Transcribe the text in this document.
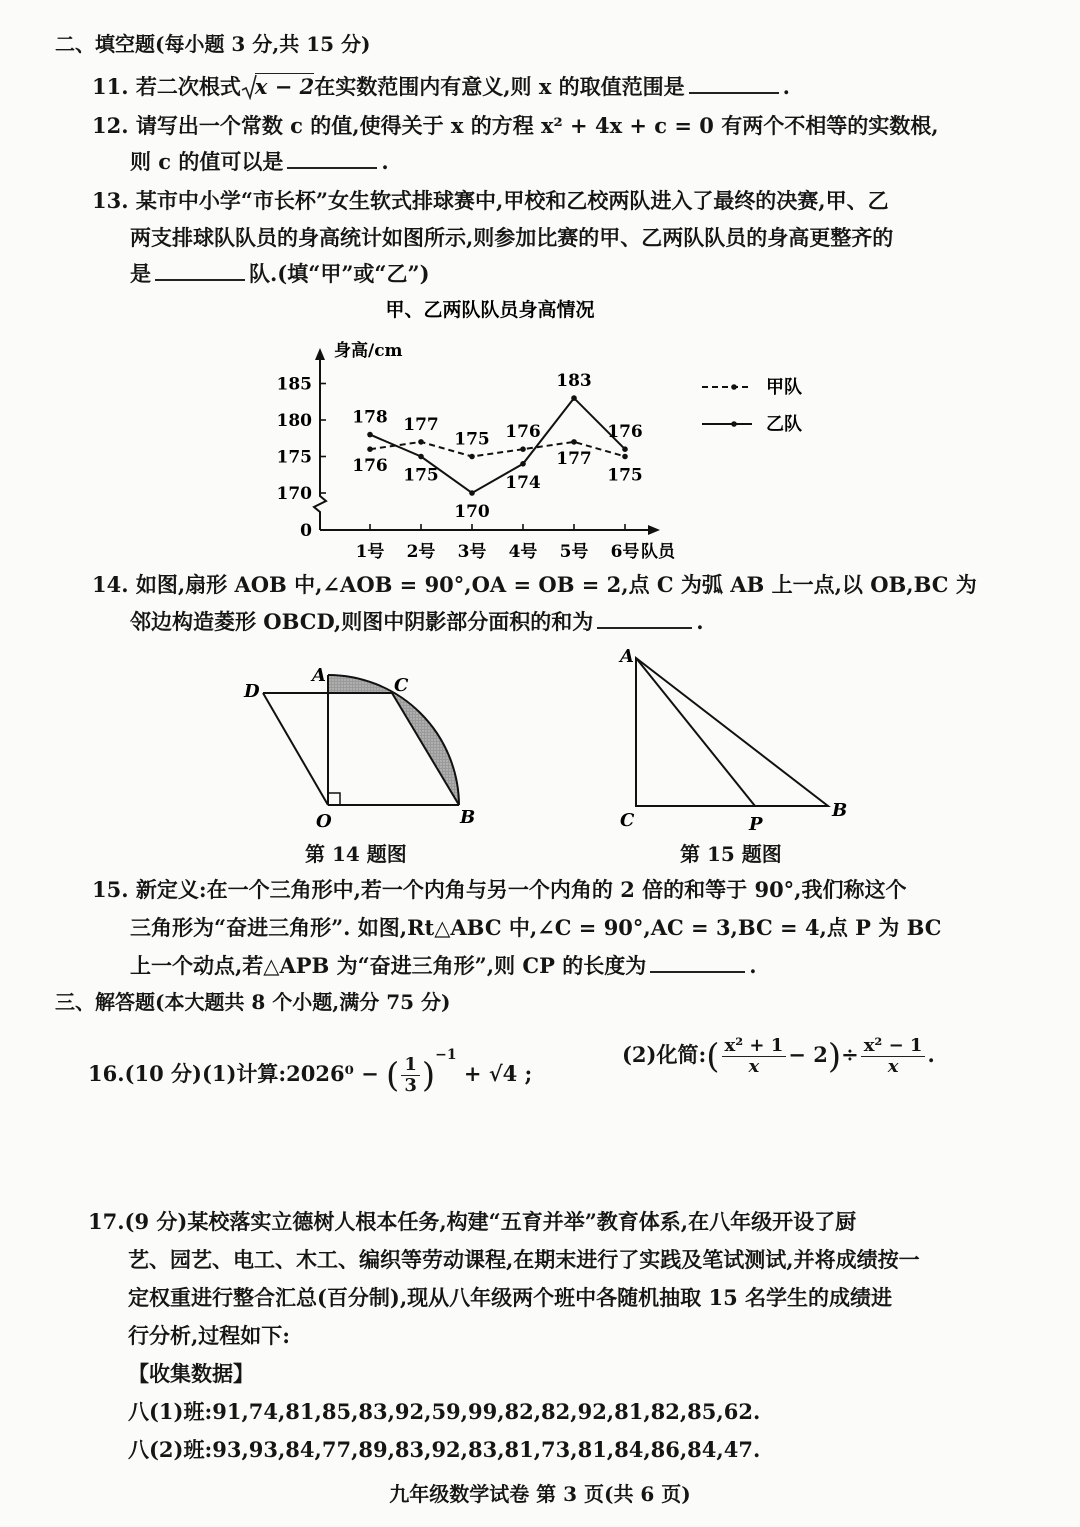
二、填空题(每小题 3 分,共 15 分)
11. 若二次根式 x − 2在实数范围内有意义,则 x 的取值范围是	.
12. 请写出一个常数 c 的值,使得关于 x 的方程 x² + 4x + c = 0 有两个不相等的实数根,
则 c 的值可以是	.
13. 某市中小学“市长杯”女生软式排球赛中,甲校和乙校两队进入了最终的决赛,甲、乙
两支排球队队员的身高统计如图所示,则参加比赛的甲、乙两队队员的身高更整齐的
是	队.(填“甲”或“乙”)
甲、乙两队队员身高情况
身高/cm
队员
185
180
175
170
0
1号 2号 3号 4号 5号 6号
176
177
175 176
177
175
178
175
170
174
183
176
甲队
乙队
14. 如图,扇形 AOB 中,∠AOB = 90°,OA = OB = 2,点 C 为弧 AB 上一点,以 OB,BC 为
邻边构造菱形 OBCD,则图中阴影部分面积的和为	.
A	C
D
O	B
第 14 题图
A
C	P
B
第 15 题图
15. 新定义:在一个三角形中,若一个内角与另一个内角的 2 倍的和等于 90°,我们称这个
三角形为“奋进三角形”. 如图,Rt△ABC 中,∠C = 90°,AC = 3,BC = 4,点 P 为 BC
上一个动点,若△APB 为“奋进三角形”,则 CP 的长度为	.
三、解答题(本大题共 8 个小题,满分 75 分)
16.(10 分)(1)计算:2026⁰ − ( $\frac{1}{3} )^{-1} + √4$ ;
(2)化简:( $\frac{\text{x² + 1}}{x} - 2)\div \frac{\text{x² − 1}}{x}$ .
17.(9 分)某校落实立德树人根本任务,构建“五育并举”教育体系,在八年级开设了厨
艺、园艺、电工、木工、编织等劳动课程,在期末进行了实践及笔试测试,并将成绩按一
定权重进行整合汇总(百分制),现从八年级两个班中各随机抽取 15 名学生的成绩进
行分析,过程如下:
【收集数据】
八(1)班:91,74,81,85,83,92,59,99,82,82,92,81,82,85,62.
八(2)班:93,93,84,77,89,83,92,83,81,73,81,84,86,84,47.
九年级数学试卷 第 3 页(共 6 页)
